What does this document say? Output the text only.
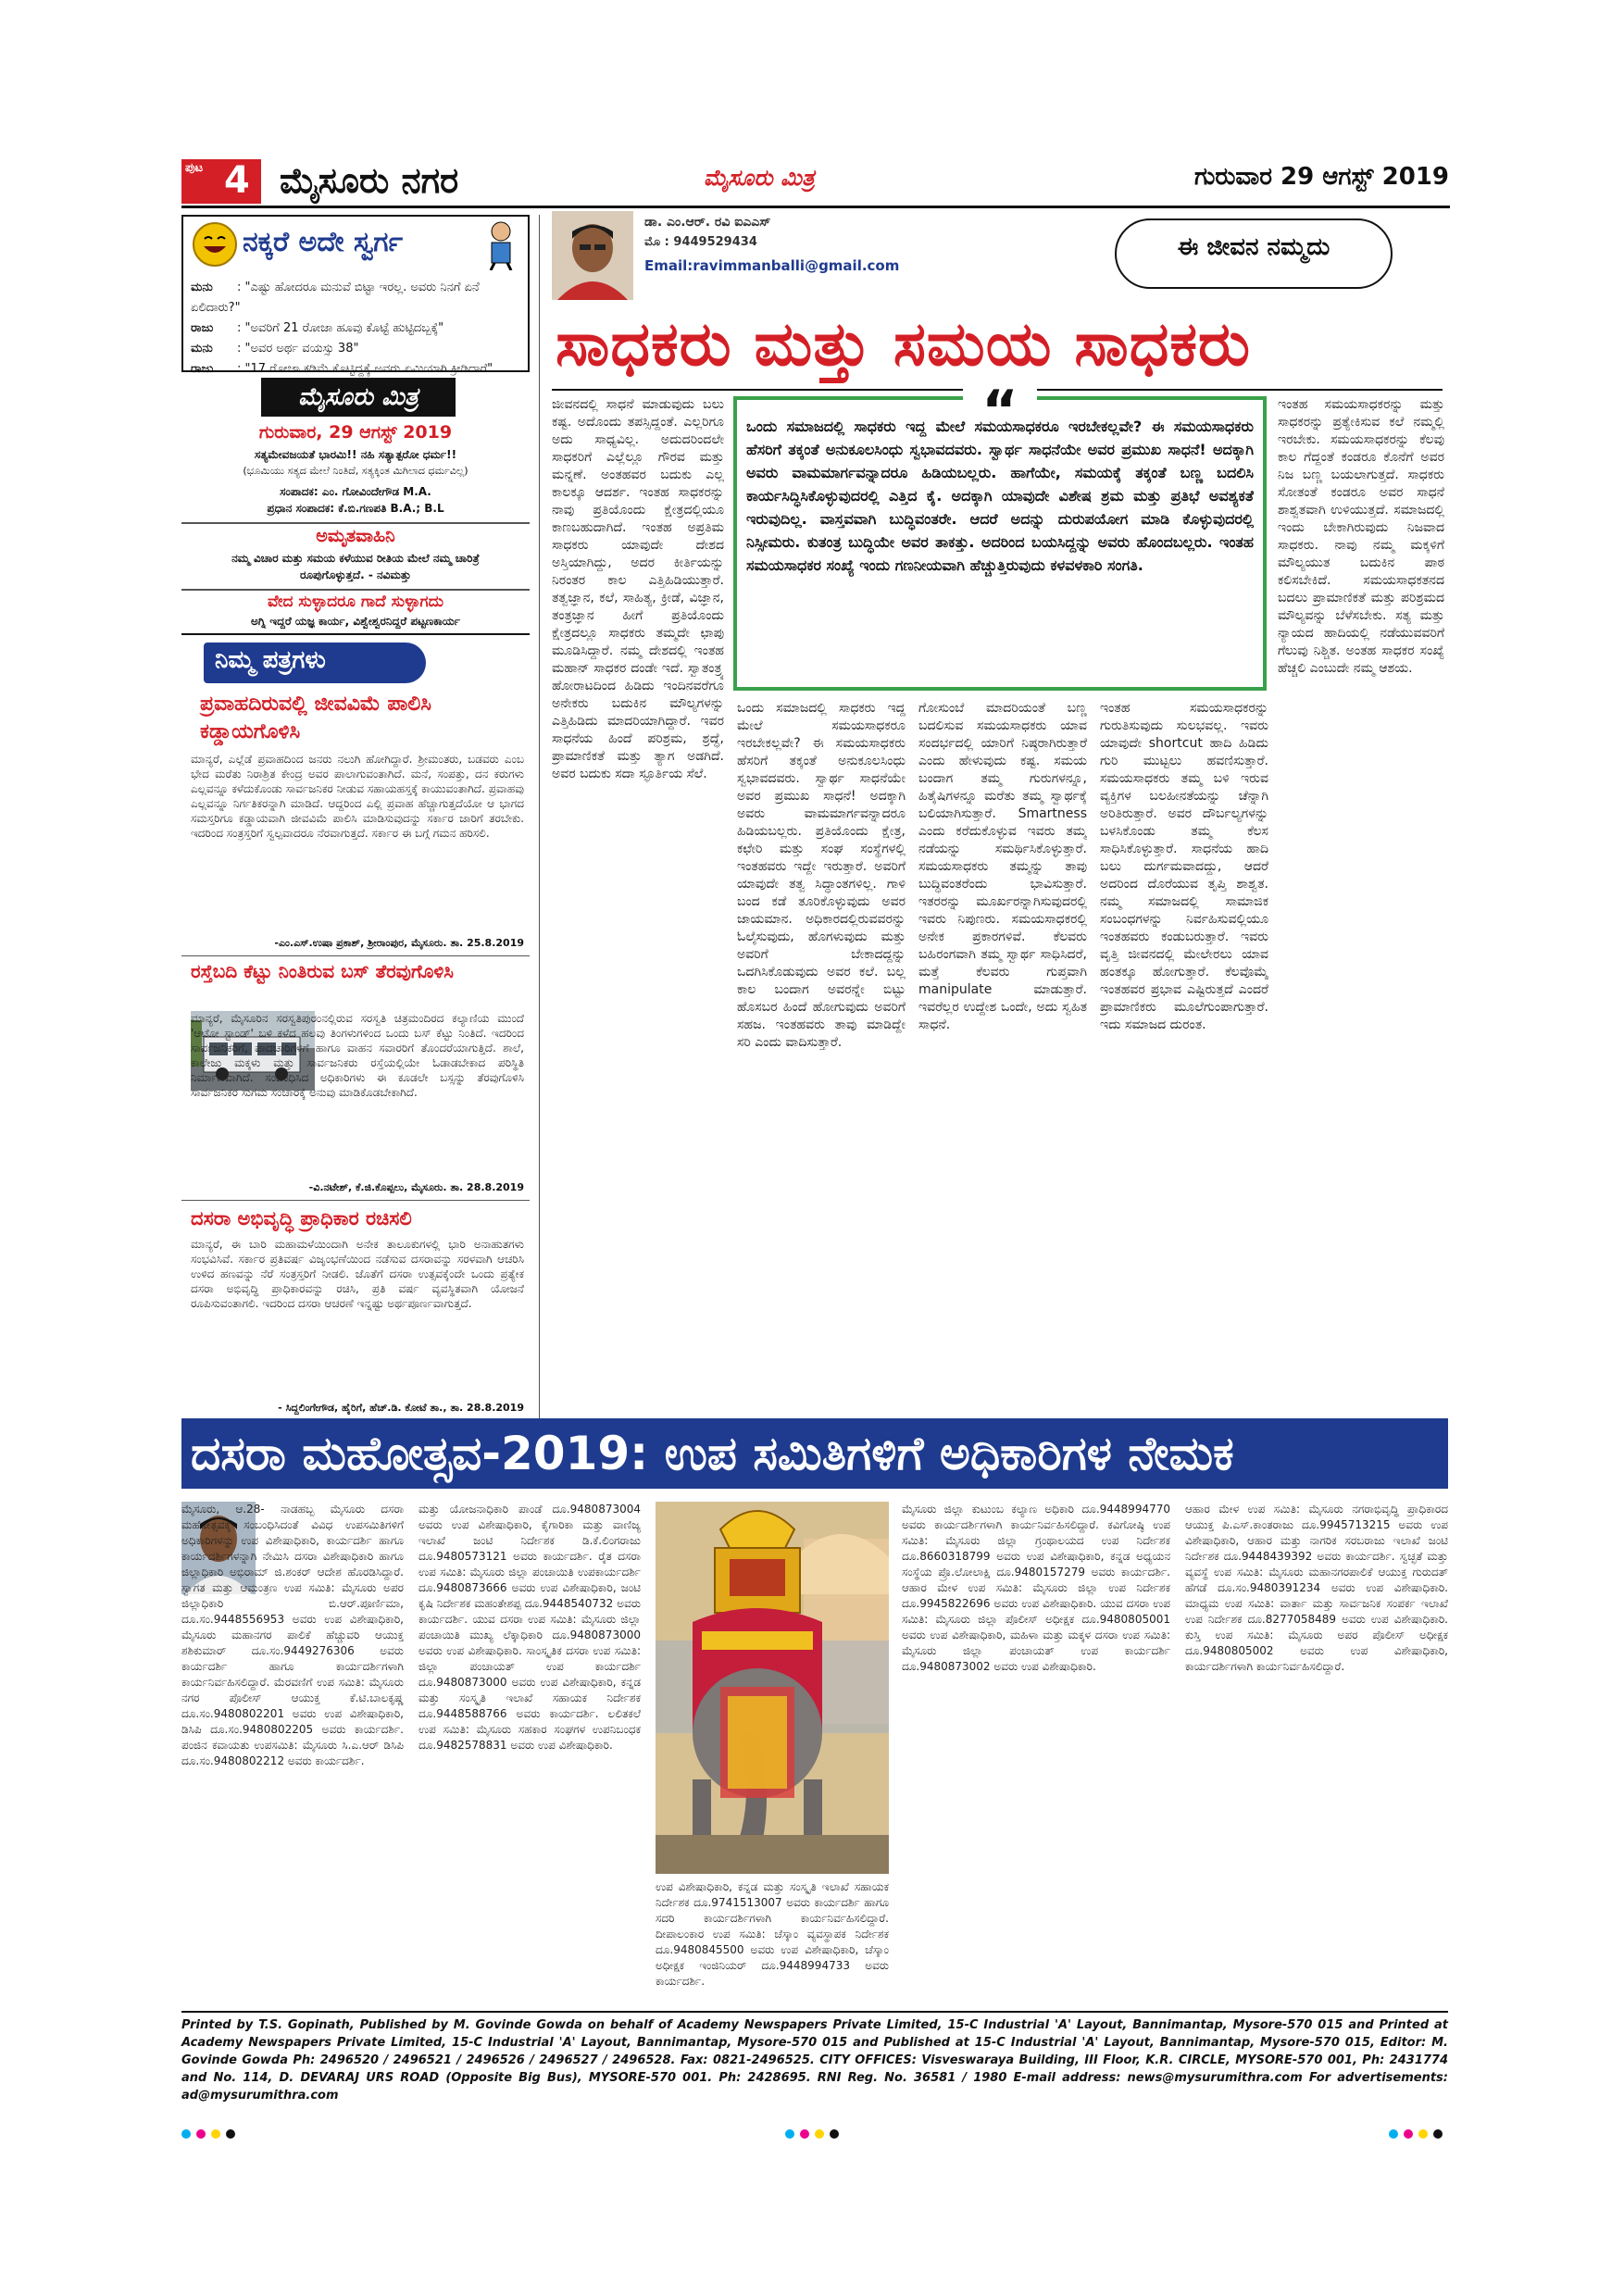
ಪುಟ 4 ಮೈಸೂರು ನಗರ	ಮೈಸೂರು ಮಿತ್ರ	ಗುರುವಾರ 29 ಆಗಸ್ಟ್ 2019
ನಕ್ಕರೆ ಅದೇ ಸ್ವರ್ಗ
ಮನು : "ಎಷ್ಟು ಹೋದರೂ ಮನುವೆ ಬಿಟ್ಟಾ ಇರಲ್ಲ. ಅವರು ನಿನಗೆ ಏನೆ ಏಲಿದಾರು?"
ರಾಜು : "ಅವರಿಗೆ 21 ರೋಜಾ ಹೂವು ಕೊಟ್ಟೆ ಹುಟ್ಟಿದಬ್ಬಕ್ಕೆ"
ಮನು : "ಅವರ ಅರ್ಥ ವಯಸ್ಸು 38"
ರಾಜು : "17 ರೋಜಾ ಕಡಿಮೆ ಕೊಟ್ಟಿದ್ದಕ್ಕೆ ಅವರು ಏಮಿಯಾಗಿ ಕ್ರೀಡಿದಾರೆ"
ಮೈಸೂರು ಮಿತ್ರ
ಗುರುವಾರ, 29 ಆಗಸ್ಟ್ 2019
ಸತ್ಯಮೇವಜಯತೆ ಭಾರಮಿ!! ನಹಿ ಸತ್ಯಾತ್ಪರೋ ಧರ್ಮ!!
(ಭೂಮಿಯು ಸತ್ಯದ ಮೇಲೆ ನಿಂತಿದೆ, ಸತ್ಯಕ್ಕಿಂತ ಮಿಗಿಲಾದ ಧರ್ಮವಿಲ್ಲ)
ಸಂಪಾದಕ: ಎಂ. ಗೋವಿಂದೇಗೌಡ M.A.
ಪ್ರಧಾನ ಸಂಪಾದಕ: ಕೆ.ಬಿ.ಗಣಪತಿ B.A.; B.L
ಅಮೃತವಾಹಿನಿ
ನಮ್ಮ ವಿಚಾರ ಮತ್ತು ಸಮಯ ಕಳೆಯುವ ರೀತಿಯ ಮೇಲೆ ನಮ್ಮ ಚಾರಿತ್ರೆ ರೂಪುಗೊಳ್ಳುತ್ತದೆ. - ನವಿಮತ್ತು
ವೇದ ಸುಳ್ಳಾದರೂ ಗಾದೆ ಸುಳ್ಳಾಗದು
ಅಗ್ನಿ ಇದ್ದರೆ ಯಜ್ಞ ಕಾರ್ಯ, ವಿಶ್ವೇಶ್ವರನಿದ್ದರೆ ಪಟ್ಟಣಕಾರ್ಯ
ನಿಮ್ಮ ಪತ್ರಗಳು
ಪ್ರವಾಹದಿರುವಲ್ಲಿ ಜೀವವಿಮೆ ಪಾಲಿಸಿ ಕಡ್ಡಾಯಗೊಳಿಸಿ
ಮಾನ್ಯರೆ, ಎಲ್ಲೆಡೆ ಪ್ರವಾಹದಿಂದ ಜನರು ನಲುಗಿ ಹೋಗಿದ್ದಾರೆ. ಶ್ರೀಮಂತರು, ಬಡವರು ಎಂಬ ಭೇದ ಮರೆತು ನಿರಾಶ್ರಿತ ಕೇಂದ್ರ ಅವರ ಪಾಲಾಗುವಂತಾಗಿದೆ. ಮನೆ, ಸಂಪತ್ತು, ದನ ಕರುಗಳು ಎಲ್ಲವನ್ನೂ ಕಳೆದುಕೊಂಡು ಸಾರ್ವಜನಿಕರ ನೀಡುವ ಸಹಾಯಹಸ್ತಕ್ಕೆ ಕಾಯುವಂತಾಗಿದೆ. ಪ್ರವಾಹವು ಎಲ್ಲವನ್ನೂ ನಿರ್ಗತಿಕರನ್ನಾಗಿ ಮಾಡಿದೆ. ಆದ್ದರಿಂದ ಎಲ್ಲಿ ಪ್ರವಾಹ ಹೆಚ್ಚಾಗುತ್ತದೆಯೋ ಆ ಭಾಗದ ಸಮಸ್ತರಿಗೂ ಕಡ್ಡಾಯವಾಗಿ ಜೀವವಿಮೆ ಪಾಲಿಸಿ ಮಾಡಿಸುವುದನ್ನು ಸರ್ಕಾರ ಜಾರಿಗೆ ತರಬೇಕು. ಇದರಿಂದ ಸಂತ್ರಸ್ತರಿಗೆ ಸ್ವಲ್ಪವಾದರೂ ನೆರವಾಗುತ್ತದೆ. ಸರ್ಕಾರ ಈ ಬಗ್ಗೆ ಗಮನ ಹರಿಸಲಿ.
-ಎಂ.ಎಸ್.ಉಷಾ ಪ್ರಕಾಶ್, ಶ್ರೀರಾಂಪುರ, ಮೈಸೂರು. ತಾ. 25.8.2019
ರಸ್ತೆಬದಿ ಕೆಟ್ಟು ನಿಂತಿರುವ ಬಸ್ ತೆರವುಗೊಳಿಸಿ
ಮಾನ್ಯರೆ, ಮೈಸೂರಿನ ಸರಸ್ವತಿಪುರಂನಲ್ಲಿರುವ ಸರಸ್ವತಿ ಚಿತ್ರಮಂದಿರದ ಕಲ್ಯಾಣಿಯ ಮುಂದೆ 'ಆಟೋ ಸ್ಟಾಂಡ್' ಬಳಿ ಕಳೆದ ಹಲವು ತಿಂಗಳುಗಳಿಂದ ಒಂದು ಬಸ್ ಕೆಟ್ಟು ನಿಂತಿದೆ. ಇದರಿಂದ ಸಾರ್ವಜನಿಕರಿಗೆ, ಪಾದಚಾರಿಗಳಿಗೆ ಹಾಗೂ ವಾಹನ ಸವಾರರಿಗೆ ತೊಂದರೆಯಾಗುತ್ತಿದೆ. ಶಾಲೆ, ಕಾಲೇಜು ಮಕ್ಕಳು ಮತ್ತು ಸಾರ್ವಜನಿಕರು ರಸ್ತೆಯಲ್ಲಿಯೇ ಓಡಾಡಬೇಕಾದ ಪರಿಸ್ಥಿತಿ ನಿರ್ಮಾಣವಾಗಿದೆ. ಸಂಬಂಧಿಸಿದ ಅಧಿಕಾರಿಗಳು ಈ ಕೂಡಲೇ ಬಸ್ಸನ್ನು ತೆರವುಗೊಳಿಸಿ ಸಾರ್ವಜನಿಕರ ಸುಗಮ ಸಂಚಾರಕ್ಕೆ ಅನುವು ಮಾಡಿಕೊಡಬೇಕಾಗಿದೆ.
-ವಿ.ನಟೇಶ್, ಕೆ.ಜಿ.ಕೊಪ್ಪಲು, ಮೈಸೂರು. ತಾ. 28.8.2019
ದಸರಾ ಅಭಿವೃದ್ಧಿ ಪ್ರಾಧಿಕಾರ ರಚಿಸಲಿ
ಮಾನ್ಯರೆ, ಈ ಬಾರಿ ಮಹಾಮಳೆಯಿಂದಾಗಿ ಅನೇಕ ತಾಲೂಕುಗಳಲ್ಲಿ ಭಾರಿ ಅನಾಹುತಗಳು ಸಂಭವಿಸಿವೆ. ಸರ್ಕಾರ ಪ್ರತಿವರ್ಷ ವಿಜೃಂಭಣೆಯಿಂದ ನಡೆಸುವ ದಸರಾವನ್ನು ಸರಳವಾಗಿ ಆಚರಿಸಿ ಉಳಿದ ಹಣವನ್ನು ನೆರೆ ಸಂತ್ರಸ್ತರಿಗೆ ನೀಡಲಿ. ಜೊತೆಗೆ ದಸರಾ ಉತ್ಸವಕ್ಕೆಂದೇ ಒಂದು ಪ್ರತ್ಯೇಕ ದಸರಾ ಅಭಿವೃದ್ಧಿ ಪ್ರಾಧಿಕಾರವನ್ನು ರಚಿಸಿ, ಪ್ರತಿ ವರ್ಷ ವ್ಯವಸ್ಥಿತವಾಗಿ ಯೋಜನೆ ರೂಪಿಸುವಂತಾಗಲಿ. ಇದರಿಂದ ದಸರಾ ಆಚರಣೆ ಇನ್ನಷ್ಟು ಅರ್ಥಪೂರ್ಣವಾಗುತ್ತದೆ.
- ಸಿದ್ದಲಿಂಗೇಗೌಡ, ಹೈರಿಗೆ, ಹೆಚ್.ಡಿ. ಕೋಟೆ ತಾ., ತಾ. 28.8.2019
ಡಾ. ಎಂ.ಆರ್. ರವಿ ಐಎಎಸ್
ಮೊ : 9449529434
Email:ravimmanballi@gmail.com
ಈ ಜೀವನ ನಮ್ಮದು
ಸಾಧಕರು ಮತ್ತು ಸಮಯ ಸಾಧಕರು
“
ಒಂದು ಸಮಾಜದಲ್ಲಿ ಸಾಧಕರು ಇದ್ದ ಮೇಲೆ ಸಮಯಸಾಧಕರೂ ಇರಬೇಕಲ್ಲವೇ? ಈ ಸಮಯಸಾಧಕರು ಹೆಸರಿಗೆ ತಕ್ಕಂತೆ ಅನುಕೂಲಸಿಂಧು ಸ್ವಭಾವದವರು. ಸ್ವಾರ್ಥ ಸಾಧನೆಯೇ ಅವರ ಪ್ರಮುಖ ಸಾಧನೆ! ಅದಕ್ಕಾಗಿ ಅವರು ವಾಮಮಾರ್ಗವನ್ನಾದರೂ ಹಿಡಿಯಬಲ್ಲರು. ಹಾಗೆಯೇ, ಸಮಯಕ್ಕೆ ತಕ್ಕಂತೆ ಬಣ್ಣ ಬದಲಿಸಿ ಕಾರ್ಯಸಿದ್ಧಿಸಿಕೊಳ್ಳುವುದರಲ್ಲಿ ಎತ್ತಿದ ಕೈ. ಅದಕ್ಕಾಗಿ ಯಾವುದೇ ವಿಶೇಷ ಶ್ರಮ ಮತ್ತು ಪ್ರತಿಭೆ ಅವಶ್ಯಕತೆ ಇರುವುದಿಲ್ಲ. ವಾಸ್ತವವಾಗಿ ಬುದ್ಧಿವಂತರೇ. ಆದರೆ ಅದನ್ನು ದುರುಪಯೋಗ ಮಾಡಿ ಕೊಳ್ಳುವುದರಲ್ಲಿ ನಿಸ್ಸೀಮರು. ಕುತಂತ್ರ ಬುದ್ಧಿಯೇ ಅವರ ತಾಕತ್ತು. ಅದರಿಂದ ಬಯಸಿದ್ದನ್ನು ಅವರು ಹೊಂದಬಲ್ಲರು. ಇಂತಹ ಸಮಯಸಾಧಕರ ಸಂಖ್ಯೆ ಇಂದು ಗಣನೀಯವಾಗಿ ಹೆಚ್ಚುತ್ತಿರುವುದು ಕಳವಳಕಾರಿ ಸಂಗತಿ.
ಜೀವನದಲ್ಲಿ ಸಾಧನೆ ಮಾಡುವುದು ಬಲು ಕಷ್ಟ. ಅದೊಂದು ತಪಸ್ಸಿದ್ದಂತೆ. ಎಲ್ಲರಿಗೂ ಅದು ಸಾಧ್ಯವಿಲ್ಲ. ಅದುದರಿಂದಲೇ ಸಾಧಕರಿಗೆ ಎಲ್ಲೆಲ್ಲೂ ಗೌರವ ಮತ್ತು ಮನ್ನಣೆ. ಅಂತಹವರ ಬದುಕು ಎಲ್ಲ ಕಾಲಕ್ಕೂ ಆದರ್ಶ. ಇಂತಹ ಸಾಧಕರನ್ನು ನಾವು ಪ್ರತಿಯೊಂದು ಕ್ಷೇತ್ರದಲ್ಲಿಯೂ ಕಾಣಬಹುದಾಗಿದೆ. ಇಂತಹ ಅಪ್ರತಿಮ ಸಾಧಕರು ಯಾವುದೇ ದೇಶದ ಅಸ್ತಿಯಾಗಿದ್ದು, ಅದರ ಕೀರ್ತಿಯನ್ನು ನಿರಂತರ ಕಾಲ ಎತ್ತಿಹಿಡಿಯುತ್ತಾರೆ. ತತ್ವಜ್ಞಾನ, ಕಲೆ, ಸಾಹಿತ್ಯ, ಕ್ರೀಡೆ, ವಿಜ್ಞಾನ, ತಂತ್ರಜ್ಞಾನ ಹೀಗೆ ಪ್ರತಿಯೊಂದು ಕ್ಷೇತ್ರದಲ್ಲೂ ಸಾಧಕರು ತಮ್ಮದೇ ಛಾಪು ಮೂಡಿಸಿದ್ದಾರೆ. ನಮ್ಮ ದೇಶದಲ್ಲಿ ಇಂತಹ ಮಹಾನ್ ಸಾಧಕರ ದಂಡೇ ಇದೆ. ಸ್ವಾತಂತ್ರ್ಯ ಹೋರಾಟದಿಂದ ಹಿಡಿದು ಇಂದಿನವರೆಗೂ ಅನೇಕರು ಬದುಕಿನ ಮೌಲ್ಯಗಳನ್ನು ಎತ್ತಿಹಿಡಿದು ಮಾದರಿಯಾಗಿದ್ದಾರೆ. ಇವರ ಸಾಧನೆಯ ಹಿಂದೆ ಪರಿಶ್ರಮ, ಶ್ರದ್ಧೆ, ಪ್ರಾಮಾಣಿಕತೆ ಮತ್ತು ತ್ಯಾಗ ಅಡಗಿದೆ. ಅವರ ಬದುಕು ಸದಾ ಸ್ಫೂರ್ತಿಯ ಸೆಲೆ.
ಒಂದು ಸಮಾಜದಲ್ಲಿ ಸಾಧಕರು ಇದ್ದ ಮೇಲೆ ಸಮಯಸಾಧಕರೂ ಇರಬೇಕಲ್ಲವೇ? ಈ ಸಮಯಸಾಧಕರು ಹೆಸರಿಗೆ ತಕ್ಕಂತೆ ಅನುಕೂಲಸಿಂಧು ಸ್ವಭಾವದವರು. ಸ್ವಾರ್ಥ ಸಾಧನೆಯೇ ಅವರ ಪ್ರಮುಖ ಸಾಧನೆ! ಅದಕ್ಕಾಗಿ ಅವರು ವಾಮಮಾರ್ಗವನ್ನಾದರೂ ಹಿಡಿಯಬಲ್ಲರು. ಪ್ರತಿಯೊಂದು ಕ್ಷೇತ್ರ, ಕಛೇರಿ ಮತ್ತು ಸಂಘ ಸಂಸ್ಥೆಗಳಲ್ಲಿ ಇಂತಹವರು ಇದ್ದೇ ಇರುತ್ತಾರೆ. ಅವರಿಗೆ ಯಾವುದೇ ತತ್ವ ಸಿದ್ಧಾಂತಗಳಿಲ್ಲ. ಗಾಳಿ ಬಂದ ಕಡೆ ತೂರಿಕೊಳ್ಳುವುದು ಅವರ ಜಾಯಮಾನ. ಅಧಿಕಾರದಲ್ಲಿರುವವರನ್ನು ಓಲೈಸುವುದು, ಹೊಗಳುವುದು ಮತ್ತು ಅವರಿಗೆ ಬೇಕಾದದ್ದನ್ನು ಒದಗಿಸಿಕೊಡುವುದು ಅವರ ಕಲೆ. ಬಲ್ಲ ಕಾಲ ಬಂದಾಗ ಅವರನ್ನೇ ಬಿಟ್ಟು ಹೊಸಬರ ಹಿಂದೆ ಹೋಗುವುದು ಅವರಿಗೆ ಸಹಜ. ಇಂತಹವರು ತಾವು ಮಾಡಿದ್ದೇ ಸರಿ ಎಂದು ವಾದಿಸುತ್ತಾರೆ.
ಗೋಸುಂಬೆ ಮಾದರಿಯಂತೆ ಬಣ್ಣ ಬದಲಿಸುವ ಸಮಯಸಾಧಕರು ಯಾವ ಸಂದರ್ಭದಲ್ಲಿ ಯಾರಿಗೆ ನಿಷ್ಠರಾಗಿರುತ್ತಾರೆ ಎಂದು ಹೇಳುವುದು ಕಷ್ಟ. ಸಮಯ ಬಂದಾಗ ತಮ್ಮ ಗುರುಗಳನ್ನೂ, ಹಿತೈಷಿಗಳನ್ನೂ ಮರೆತು ತಮ್ಮ ಸ್ವಾರ್ಥಕ್ಕೆ ಬಲಿಯಾಗಿಸುತ್ತಾರೆ. Smartness ಎಂದು ಕರೆದುಕೊಳ್ಳುವ ಇವರು ತಮ್ಮ ನಡೆಯನ್ನು ಸಮರ್ಥಿಸಿಕೊಳ್ಳುತ್ತಾರೆ. ಸಮಯಸಾಧಕರು ತಮ್ಮನ್ನು ತಾವು ಬುದ್ಧಿವಂತರೆಂದು ಭಾವಿಸುತ್ತಾರೆ. ಇತರರನ್ನು ಮೂರ್ಖರನ್ನಾಗಿಸುವುದರಲ್ಲಿ ಇವರು ನಿಪುಣರು. ಸಮಯಸಾಧಕರಲ್ಲಿ ಅನೇಕ ಪ್ರಕಾರಗಳಿವೆ. ಕೆಲವರು ಬಹಿರಂಗವಾಗಿ ತಮ್ಮ ಸ್ವಾರ್ಥ ಸಾಧಿಸಿದರೆ, ಮತ್ತೆ ಕೆಲವರು ಗುಪ್ತವಾಗಿ manipulate ಮಾಡುತ್ತಾರೆ. ಇವರೆಲ್ಲರ ಉದ್ದೇಶ ಒಂದೇ, ಅದು ಸ್ವಹಿತ ಸಾಧನೆ.
ಇಂತಹ ಸಮಯಸಾಧಕರನ್ನು ಗುರುತಿಸುವುದು ಸುಲಭವಲ್ಲ. ಇವರು ಯಾವುದೇ shortcut ಹಾದಿ ಹಿಡಿದು ಗುರಿ ಮುಟ್ಟಲು ಹವಣಿಸುತ್ತಾರೆ. ಸಮಯಸಾಧಕರು ತಮ್ಮ ಬಳಿ ಇರುವ ವ್ಯಕ್ತಿಗಳ ಬಲಹೀನತೆಯನ್ನು ಚೆನ್ನಾಗಿ ಅರಿತಿರುತ್ತಾರೆ. ಅವರ ದೌರ್ಬಲ್ಯಗಳನ್ನು ಬಳಸಿಕೊಂಡು ತಮ್ಮ ಕೆಲಸ ಸಾಧಿಸಿಕೊಳ್ಳುತ್ತಾರೆ. ಸಾಧನೆಯ ಹಾದಿ ಬಲು ದುರ್ಗಮವಾದದ್ದು, ಆದರೆ ಅದರಿಂದ ದೊರೆಯುವ ತೃಪ್ತಿ ಶಾಶ್ವತ. ನಮ್ಮ ಸಮಾಜದಲ್ಲಿ ಸಾಮಾಜಿಕ ಸಂಬಂಧಗಳನ್ನು ನಿರ್ವಹಿಸುವಲ್ಲಿಯೂ ಇಂತಹವರು ಕಂಡುಬರುತ್ತಾರೆ. ಇವರು ವೃತ್ತಿ ಜೀವನದಲ್ಲಿ ಮೇಲೇರಲು ಯಾವ ಹಂತಕ್ಕೂ ಹೋಗುತ್ತಾರೆ. ಕೆಲವೊಮ್ಮೆ ಇಂತಹವರ ಪ್ರಭಾವ ಎಷ್ಟಿರುತ್ತದೆ ಎಂದರೆ ಪ್ರಾಮಾಣಿಕರು ಮೂಲೆಗುಂಪಾಗುತ್ತಾರೆ. ಇದು ಸಮಾಜದ ದುರಂತ.
ಇಂತಹ ಸಮಯಸಾಧಕರನ್ನು ಮತ್ತು ಸಾಧಕರನ್ನು ಪ್ರತ್ಯೇಕಿಸುವ ಕಲೆ ನಮ್ಮಲ್ಲಿ ಇರಬೇಕು. ಸಮಯಸಾಧಕರನ್ನು ಕೆಲವು ಕಾಲ ಗೆದ್ದಂತೆ ಕಂಡರೂ ಕೊನೆಗೆ ಅವರ ನಿಜ ಬಣ್ಣ ಬಯಲಾಗುತ್ತದೆ. ಸಾಧಕರು ಸೋತಂತೆ ಕಂಡರೂ ಅವರ ಸಾಧನೆ ಶಾಶ್ವತವಾಗಿ ಉಳಿಯುತ್ತದೆ. ಸಮಾಜದಲ್ಲಿ ಇಂದು ಬೇಕಾಗಿರುವುದು ನಿಜವಾದ ಸಾಧಕರು. ನಾವು ನಮ್ಮ ಮಕ್ಕಳಿಗೆ ಮೌಲ್ಯಯುತ ಬದುಕಿನ ಪಾಠ ಕಲಿಸಬೇಕಿದೆ. ಸಮಯಸಾಧಕತನದ ಬದಲು ಪ್ರಾಮಾಣಿಕತೆ ಮತ್ತು ಪರಿಶ್ರಮದ ಮೌಲ್ಯವನ್ನು ಬೆಳೆಸಬೇಕು. ಸತ್ಯ ಮತ್ತು ನ್ಯಾಯದ ಹಾದಿಯಲ್ಲಿ ನಡೆಯುವವರಿಗೆ ಗೆಲುವು ನಿಶ್ಚಿತ. ಅಂತಹ ಸಾಧಕರ ಸಂಖ್ಯೆ ಹೆಚ್ಚಲಿ ಎಂಬುದೇ ನಮ್ಮ ಆಶಯ.
ದಸರಾ ಮಹೋತ್ಸವ-2019: ಉಪ ಸಮಿತಿಗಳಿಗೆ ಅಧಿಕಾರಿಗಳ ನೇಮಕ
ಮೈಸೂರು, ಆ.28- ನಾಡಹಬ್ಬ ಮೈಸೂರು ದಸರಾ ಮಹೋತ್ಸವಕ್ಕೆ ಸಂಬಂಧಿಸಿದಂತೆ ವಿವಿಧ ಉಪಸಮಿತಿಗಳಿಗೆ ಅಧಿಕಾರಿಗಳನ್ನು ಉಪ ವಿಶೇಷಾಧಿಕಾರಿ, ಕಾರ್ಯದರ್ಶಿ ಹಾಗೂ ಕಾರ್ಯದರ್ಶಿಗಳನ್ನಾಗಿ ನೇಮಿಸಿ ದಸರಾ ವಿಶೇಷಾಧಿಕಾರಿ ಹಾಗೂ ಜಿಲ್ಲಾಧಿಕಾರಿ ಅಭಿರಾಮ್ ಜಿ.ಶಂಕರ್ ಆದೇಶ ಹೊರಡಿಸಿದ್ದಾರೆ. ಸ್ವಾಗತ ಮತ್ತು ಆಮಂತ್ರಣ ಉಪ ಸಮಿತಿ: ಮೈಸೂರು ಅಪರ ಜಿಲ್ಲಾಧಿಕಾರಿ ಬಿ.ಆರ್.ಪೂರ್ಣಿಮಾ, ದೂ.ಸಂ.9448556953 ಅವರು ಉಪ ವಿಶೇಷಾಧಿಕಾರಿ, ಮೈಸೂರು ಮಹಾನಗರ ಪಾಲಿಕೆ ಹೆಚ್ಚುವರಿ ಆಯುಕ್ತ ಶಶಿಕುಮಾರ್ ದೂ.ಸಂ.9449276306 ಅವರು ಕಾರ್ಯದರ್ಶಿ ಹಾಗೂ ಕಾರ್ಯದರ್ಶಿಗಳಾಗಿ ಕಾರ್ಯನಿರ್ವಹಿಸಲಿದ್ದಾರೆ. ಮೆರವಣಿಗೆ ಉಪ ಸಮಿತಿ: ಮೈಸೂರು ನಗರ ಪೊಲೀಸ್ ಆಯುಕ್ತ ಕೆ.ಟಿ.ಬಾಲಕೃಷ್ಣ ದೂ.ಸಂ.9480802201 ಅವರು ಉಪ ವಿಶೇಷಾಧಿಕಾರಿ, ಡಿಸಿಪಿ ದೂ.ಸಂ.9480802205 ಅವರು ಕಾರ್ಯದರ್ಶಿ. ಪಂಜಿನ ಕವಾಯತು ಉಪಸಮಿತಿ: ಮೈಸೂರು ಸಿ.ಎ.ಆರ್ ಡಿಸಿಪಿ ದೂ.ಸಂ.9480802212 ಅವರು ಕಾರ್ಯದರ್ಶಿ.
ಮತ್ತು ಯೋಜನಾಧಿಕಾರಿ ಪಾಂಡೆ ದೂ.9480873004 ಅವರು ಉಪ ವಿಶೇಷಾಧಿಕಾರಿ, ಕೈಗಾರಿಕಾ ಮತ್ತು ವಾಣಿಜ್ಯ ಇಲಾಖೆ ಜಂಟಿ ನಿರ್ದೇಶಕ ಡಿ.ಕೆ.ಲಿಂಗರಾಜು ದೂ.9480573121 ಅವರು ಕಾರ್ಯದರ್ಶಿ. ರೈತ ದಸರಾ ಉಪ ಸಮಿತಿ: ಮೈಸೂರು ಜಿಲ್ಲಾ ಪಂಚಾಯಿತಿ ಉಪಕಾರ್ಯದರ್ಶಿ ದೂ.9480873666 ಅವರು ಉಪ ವಿಶೇಷಾಧಿಕಾರಿ, ಜಂಟಿ ಕೃಷಿ ನಿರ್ದೇಶಕ ಮಹಂತೇಶಪ್ಪ ದೂ.9448540732 ಅವರು ಕಾರ್ಯದರ್ಶಿ. ಯುವ ದಸರಾ ಉಪ ಸಮಿತಿ: ಮೈಸೂರು ಜಿಲ್ಲಾ ಪಂಚಾಯಿತಿ ಮುಖ್ಯ ಲೆಕ್ಕಾಧಿಕಾರಿ ದೂ.9480873000 ಅವರು ಉಪ ವಿಶೇಷಾಧಿಕಾರಿ. ಸಾಂಸ್ಕೃತಿಕ ದಸರಾ ಉಪ ಸಮಿತಿ: ಜಿಲ್ಲಾ ಪಂಚಾಯತ್ ಉಪ ಕಾರ್ಯದರ್ಶಿ ದೂ.9480873000 ಅವರು ಉಪ ವಿಶೇಷಾಧಿಕಾರಿ, ಕನ್ನಡ ಮತ್ತು ಸಂಸ್ಕೃತಿ ಇಲಾಖೆ ಸಹಾಯಕ ನಿರ್ದೇಶಕ ದೂ.9448588766 ಅವರು ಕಾರ್ಯದರ್ಶಿ. ಲಲಿತಕಲೆ ಉಪ ಸಮಿತಿ: ಮೈಸೂರು ಸಹಕಾರ ಸಂಘಗಳ ಉಪನಿಬಂಧಕ ದೂ.9482578831 ಅವರು ಉಪ ವಿಶೇಷಾಧಿಕಾರಿ.
ಉಪ ವಿಶೇಷಾಧಿಕಾರಿ, ಕನ್ನಡ ಮತ್ತು ಸಂಸ್ಕೃತಿ ಇಲಾಖೆ ಸಹಾಯಕ ನಿರ್ದೇಶಕ ದೂ.9741513007 ಅವರು ಕಾರ್ಯದರ್ಶಿ ಹಾಗೂ ಸದರಿ ಕಾರ್ಯದರ್ಶಿಗಳಾಗಿ ಕಾರ್ಯನಿರ್ವಹಿಸಲಿದ್ದಾರೆ. ದೀಪಾಲಂಕಾರ ಉಪ ಸಮಿತಿ: ಚೆಸ್ಕಾಂ ವ್ಯವಸ್ಥಾಪಕ ನಿರ್ದೇಶಕ ದೂ.9480845500 ಅವರು ಉಪ ವಿಶೇಷಾಧಿಕಾರಿ, ಚೆಸ್ಕಾಂ ಅಧೀಕ್ಷಕ ಇಂಜಿನಿಯರ್ ದೂ.9448994733 ಅವರು ಕಾರ್ಯದರ್ಶಿ.
ಮೈಸೂರು ಜಿಲ್ಲಾ ಕುಟುಂಬ ಕಲ್ಯಾಣ ಅಧಿಕಾರಿ ದೂ.9448994770 ಅವರು ಕಾರ್ಯದರ್ಶಿಗಳಾಗಿ ಕಾರ್ಯನಿರ್ವಹಿಸಲಿದ್ದಾರೆ. ಕವಿಗೋಷ್ಠಿ ಉಪ ಸಮಿತಿ: ಮೈಸೂರು ಜಿಲ್ಲಾ ಗ್ರಂಥಾಲಯದ ಉಪ ನಿರ್ದೇಶಕ ದೂ.8660318799 ಅವರು ಉಪ ವಿಶೇಷಾಧಿಕಾರಿ, ಕನ್ನಡ ಅಧ್ಯಯನ ಸಂಸ್ಥೆಯ ಪ್ರೊ.ಲೋಲಾಕ್ಷಿ ದೂ.9480157279 ಅವರು ಕಾರ್ಯದರ್ಶಿ. ಆಹಾರ ಮೇಳ ಉಪ ಸಮಿತಿ: ಮೈಸೂರು ಜಿಲ್ಲಾ ಉಪ ನಿರ್ದೇಶಕ ದೂ.9945822696 ಅವರು ಉಪ ವಿಶೇಷಾಧಿಕಾರಿ. ಯುವ ದಸರಾ ಉಪ ಸಮಿತಿ: ಮೈಸೂರು ಜಿಲ್ಲಾ ಪೊಲೀಸ್ ಅಧೀಕ್ಷಕ ದೂ.9480805001 ಅವರು ಉಪ ವಿಶೇಷಾಧಿಕಾರಿ, ಮಹಿಳಾ ಮತ್ತು ಮಕ್ಕಳ ದಸರಾ ಉಪ ಸಮಿತಿ: ಮೈಸೂರು ಜಿಲ್ಲಾ ಪಂಚಾಯತ್ ಉಪ ಕಾರ್ಯದರ್ಶಿ ದೂ.9480873002 ಅವರು ಉಪ ವಿಶೇಷಾಧಿಕಾರಿ.
ಆಹಾರ ಮೇಳ ಉಪ ಸಮಿತಿ: ಮೈಸೂರು ನಗರಾಭಿವೃದ್ಧಿ ಪ್ರಾಧಿಕಾರದ ಆಯುಕ್ತ ಪಿ.ಎಸ್.ಕಾಂತರಾಜು ದೂ.9945713215 ಅವರು ಉಪ ವಿಶೇಷಾಧಿಕಾರಿ, ಆಹಾರ ಮತ್ತು ನಾಗರಿಕ ಸರಬರಾಜು ಇಲಾಖೆ ಜಂಟಿ ನಿರ್ದೇಶಕ ದೂ.9448439392 ಅವರು ಕಾರ್ಯದರ್ಶಿ. ಸ್ವಚ್ಛತೆ ಮತ್ತು ವ್ಯವಸ್ಥೆ ಉಪ ಸಮಿತಿ: ಮೈಸೂರು ಮಹಾನಗರಪಾಲಿಕೆ ಆಯುಕ್ತ ಗುರುದತ್ ಹೆಗಡೆ ದೂ.ಸಂ.9480391234 ಅವರು ಉಪ ವಿಶೇಷಾಧಿಕಾರಿ. ಮಾಧ್ಯಮ ಉಪ ಸಮಿತಿ: ವಾರ್ತಾ ಮತ್ತು ಸಾರ್ವಜನಿಕ ಸಂಪರ್ಕ ಇಲಾಖೆ ಉಪ ನಿರ್ದೇಶಕ ದೂ.8277058489 ಅವರು ಉಪ ವಿಶೇಷಾಧಿಕಾರಿ. ಕುಸ್ತಿ ಉಪ ಸಮಿತಿ: ಮೈಸೂರು ಅಪರ ಪೊಲೀಸ್ ಅಧೀಕ್ಷಕ ದೂ.9480805002 ಅವರು ಉಪ ವಿಶೇಷಾಧಿಕಾರಿ, ಕಾರ್ಯದರ್ಶಿಗಳಾಗಿ ಕಾರ್ಯನಿರ್ವಹಿಸಲಿದ್ದಾರೆ.
Printed by T.S. Gopinath, Published by M. Govinde Gowda on behalf of Academy Newspapers Private Limited, 15-C Industrial 'A' Layout, Bannimantap, Mysore-570 015 and Printed at Academy Newspapers Private Limited, 15-C Industrial 'A' Layout, Bannimantap, Mysore-570 015 and Published at 15-C Industrial 'A' Layout, Bannimantap, Mysore-570 015, Editor: M. Govinde Gowda Ph: 2496520 / 2496521 / 2496526 / 2496527 / 2496528. Fax: 0821-2496525. CITY OFFICES: Visveswaraya Building, III Floor, K.R. CIRCLE, MYSORE-570 001, Ph: 2431774 and No. 114, D. DEVARAJ URS ROAD (Opposite Big Bus), MYSORE-570 001. Ph: 2428695. RNI Reg. No. 36581 / 1980 E-mail address: news@mysurumithra.com For advertisements: ad@mysurumithra.com
